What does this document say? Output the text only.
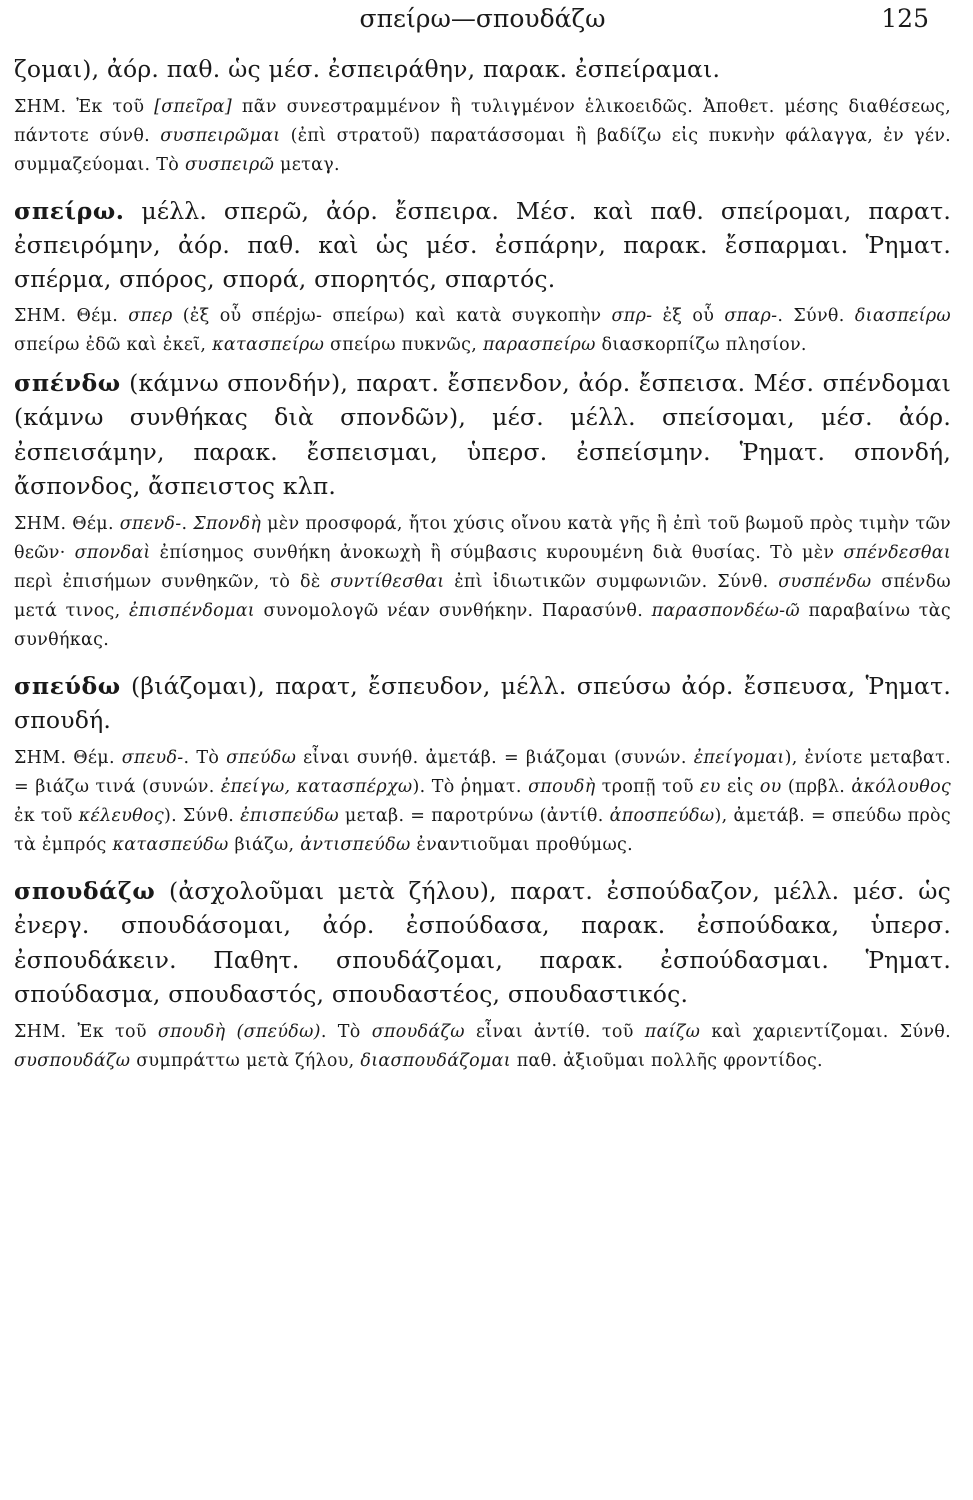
σπείρω—σπουδάζω	125
ζομαι), ἀόρ. παθ. ὡς μέσ. ἐσπειράθην, παρακ. ἐσπείραμαι.
ΣΗΜ. Ἐκ τοῦ [σπεῖρα] πᾶν συνεστραμμένον ἢ τυλιγμένον ἑλικοειδῶς. Ἀποθετ. μέσης διαθέσεως, πάντοτε σύνθ. συσπειρῶμαι (ἐπὶ στρατοῦ) παρατάσσομαι ἢ βαδίζω εἰς πυκνὴν φάλαγγα, ἐν γέν. συμμαζεύομαι. Τὸ συσπειρῶ μεταγ.
σπείρω. μέλλ. σπερῶ, ἀόρ. ἔσπειρα. Μέσ. καὶ παθ. σπείρομαι, παρατ. ἐσπειρόμην, ἀόρ. παθ. καὶ ὡς μέσ. ἐσπάρην, παρακ. ἔσπαρμαι. Ῥηματ. σπέρμα, σπόρος, σπορά, σπορητός, σπαρτός.
ΣΗΜ. Θέμ. σπερ (ἐξ οὗ σπέρjω- σπείρω) καὶ κατὰ συγκοπὴν σπρ- ἐξ οὗ σπαρ-. Σύνθ. διασπείρω σπείρω ἐδῶ καὶ ἐκεῖ, κατασπείρω σπείρω πυκνῶς, παρασπείρω διασκορπίζω πλησίον.
σπένδω (κάμνω σπονδήν), παρατ. ἔσπενδον, ἀόρ. ἔσπεισα. Μέσ. σπένδομαι (κάμνω συνθήκας διὰ σπονδῶν), μέσ. μέλλ. σπείσομαι, μέσ. ἀόρ. ἐσπεισάμην, παρακ. ἔσπεισμαι, ὑπερσ. ἐσπείσμην. Ῥηματ. σπονδή, ἄσπονδος, ἄσπειστος κλπ.
ΣΗΜ. Θέμ. σπενδ-. Σπονδὴ μὲν προσφορά, ἤτοι χύσις οἴνου κατὰ γῆς ἢ ἐπὶ τοῦ βωμοῦ πρὸς τιμὴν τῶν θεῶν· σπονδαὶ ἐπίσημος συνθήκη ἀνοκωχὴ ἢ σύμβασις κυρουμένη διὰ θυσίας. Τὸ μὲν σπένδεσθαι περὶ ἐπισήμων συνθηκῶν, τὸ δὲ συντίθεσθαι ἐπὶ ἰδιωτικῶν συμφωνιῶν. Σύνθ. συσπένδω σπένδω μετά τινος, ἐπισπένδομαι συνομολογῶ νέαν συνθήκην. Παρασύνθ. παρασπονδέω-ῶ παραβαίνω τὰς συνθήκας.
σπεύδω (βιάζομαι), παρατ, ἔσπευδον, μέλλ. σπεύσω ἀόρ. ἔσπευσα, Ῥηματ. σπουδή.
ΣΗΜ. Θέμ. σπευδ-. Τὸ σπεύδω εἶναι συνήθ. ἀμετάβ. = βιάζομαι (συνών. ἐπείγομαι), ἐνίοτε μεταβατ. = βιάζω τινά (συνών. ἐπείγω, κατασπέρχω). Τὸ ῥηματ. σπουδὴ τροπῇ τοῦ ευ εἰς ου (πρβλ. ἀκόλουθος ἐκ τοῦ κέλευθος). Σύνθ. ἐπισπεύδω μεταβ. = παροτρύνω (ἀντίθ. ἀποσπεύδω), ἀμετάβ. = σπεύδω πρὸς τὰ ἐμπρός κατασπεύδω βιάζω, ἀντισπεύδω ἐναντιοῦμαι προθύμως.
σπουδάζω (ἀσχολοῦμαι μετὰ ζήλου), παρατ. ἐσπούδαζον, μέλλ. μέσ. ὡς ἐνεργ. σπουδάσομαι, ἀόρ. ἐσπούδασα, παρακ. ἐσπούδακα, ὑπερσ. ἐσπουδάκειν. Παθητ. σπουδάζομαι, παρακ. ἐσπούδασμαι. Ῥηματ. σπούδασμα, σπουδαστός, σπουδαστέος, σπουδαστικός.
ΣΗΜ. Ἐκ τοῦ σπουδὴ (σπεύδω). Τὸ σπουδάζω εἶναι ἀντίθ. τοῦ παίζω καὶ χαριεντίζομαι. Σύνθ. συσπουδάζω συμπράττω μετὰ ζήλου, διασπουδάζομαι παθ. ἀξιοῦμαι πολλῆς φροντίδος.
